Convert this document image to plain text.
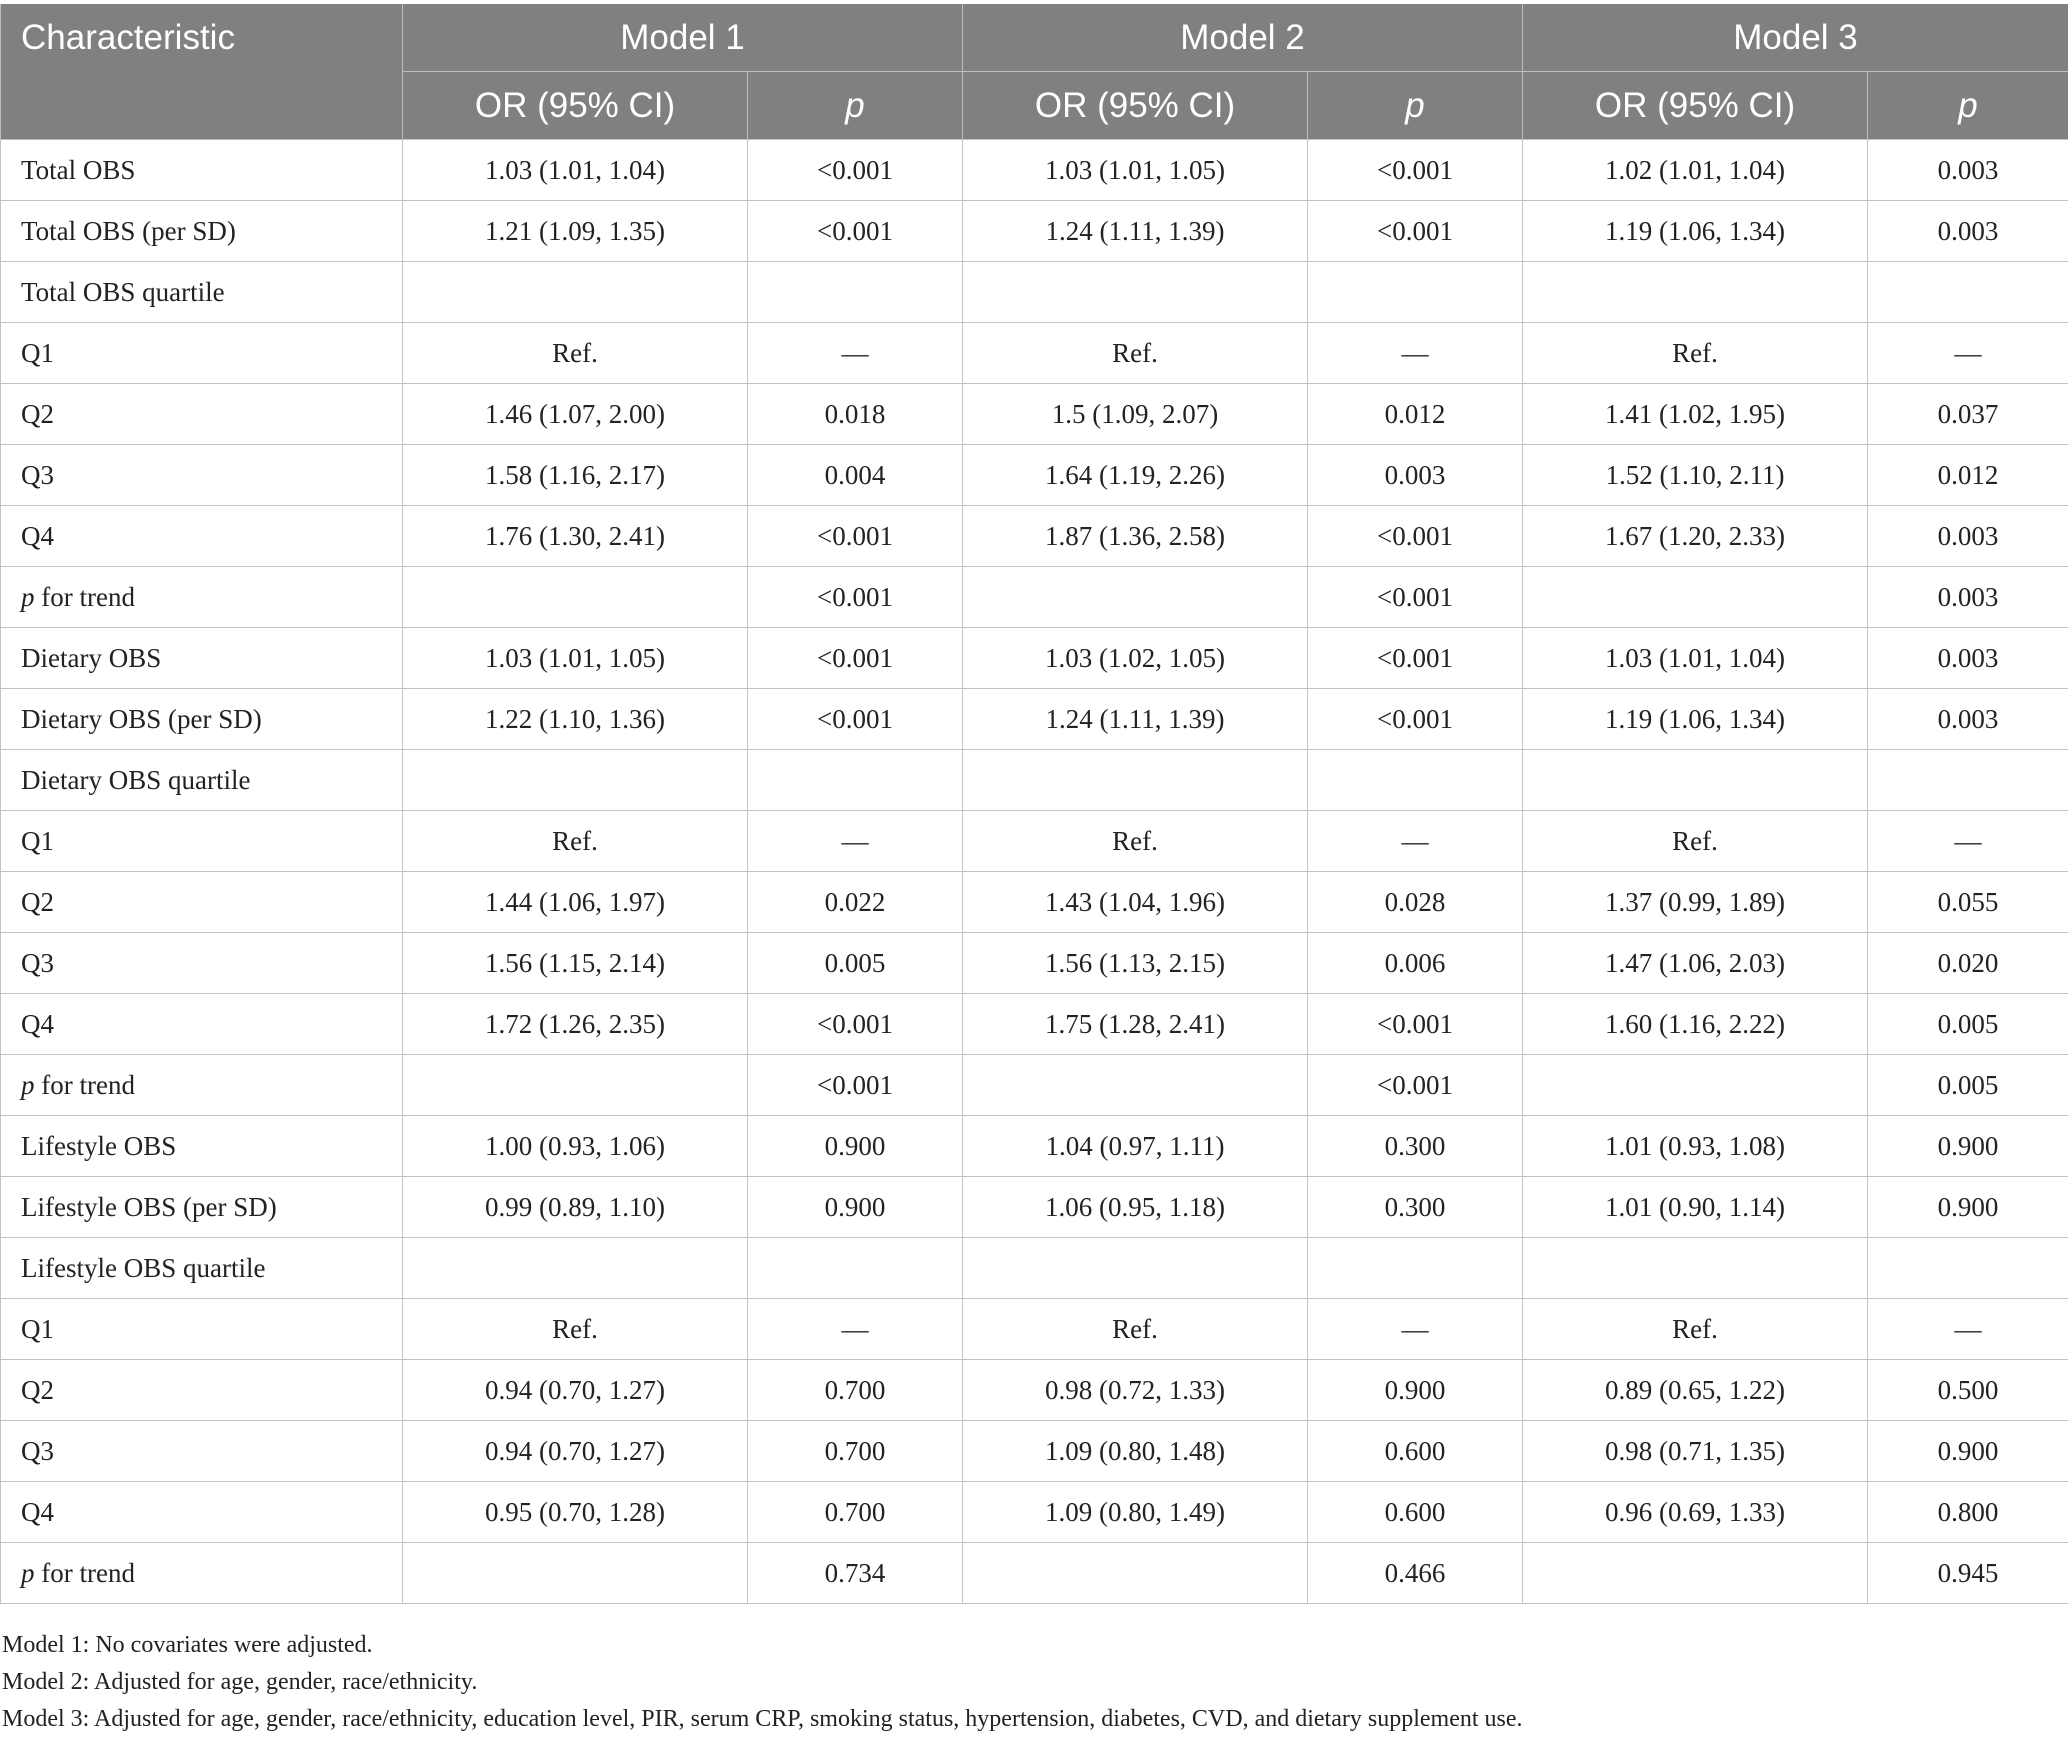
Characteristic	Model 1		Model 2		Model 3	
	OR (95% CI)	p	OR (95% CI)	p	OR (95% CI)	p
Total OBS	1.03 (1.01, 1.04)	<0.001	1.03 (1.01, 1.05)	<0.001	1.02 (1.01, 1.04)	0.003
Total OBS (per SD)	1.21 (1.09, 1.35)	<0.001	1.24 (1.11, 1.39)	<0.001	1.19 (1.06, 1.34)	0.003
Total OBS quartile						
Q1	Ref.	—	Ref.	—	Ref.	—
Q2	1.46 (1.07, 2.00)	0.018	1.5 (1.09, 2.07)	0.012	1.41 (1.02, 1.95)	0.037
Q3	1.58 (1.16, 2.17)	0.004	1.64 (1.19, 2.26)	0.003	1.52 (1.10, 2.11)	0.012
Q4	1.76 (1.30, 2.41)	<0.001	1.87 (1.36, 2.58)	<0.001	1.67 (1.20, 2.33)	0.003
p for trend		<0.001		<0.001		0.003
Dietary OBS	1.03 (1.01, 1.05)	<0.001	1.03 (1.02, 1.05)	<0.001	1.03 (1.01, 1.04)	0.003
Dietary OBS (per SD)	1.22 (1.10, 1.36)	<0.001	1.24 (1.11, 1.39)	<0.001	1.19 (1.06, 1.34)	0.003
Dietary OBS quartile						
Q1	Ref.	—	Ref.	—	Ref.	—
Q2	1.44 (1.06, 1.97)	0.022	1.43 (1.04, 1.96)	0.028	1.37 (0.99, 1.89)	0.055
Q3	1.56 (1.15, 2.14)	0.005	1.56 (1.13, 2.15)	0.006	1.47 (1.06, 2.03)	0.020
Q4	1.72 (1.26, 2.35)	<0.001	1.75 (1.28, 2.41)	<0.001	1.60 (1.16, 2.22)	0.005
p for trend		<0.001		<0.001		0.005
Lifestyle OBS	1.00 (0.93, 1.06)	0.900	1.04 (0.97, 1.11)	0.300	1.01 (0.93, 1.08)	0.900
Lifestyle OBS (per SD)	0.99 (0.89, 1.10)	0.900	1.06 (0.95, 1.18)	0.300	1.01 (0.90, 1.14)	0.900
Lifestyle OBS quartile						
Q1	Ref.	—	Ref.	—	Ref.	—
Q2	0.94 (0.70, 1.27)	0.700	0.98 (0.72, 1.33)	0.900	0.89 (0.65, 1.22)	0.500
Q3	0.94 (0.70, 1.27)	0.700	1.09 (0.80, 1.48)	0.600	0.98 (0.71, 1.35)	0.900
Q4	0.95 (0.70, 1.28)	0.700	1.09 (0.80, 1.49)	0.600	0.96 (0.69, 1.33)	0.800
p for trend		0.734		0.466		0.945
Model 1: No covariates were adjusted.
Model 2: Adjusted for age, gender, race/ethnicity.
Model 3: Adjusted for age, gender, race/ethnicity, education level, PIR, serum CRP, smoking status, hypertension, diabetes, CVD, and dietary supplement use.
